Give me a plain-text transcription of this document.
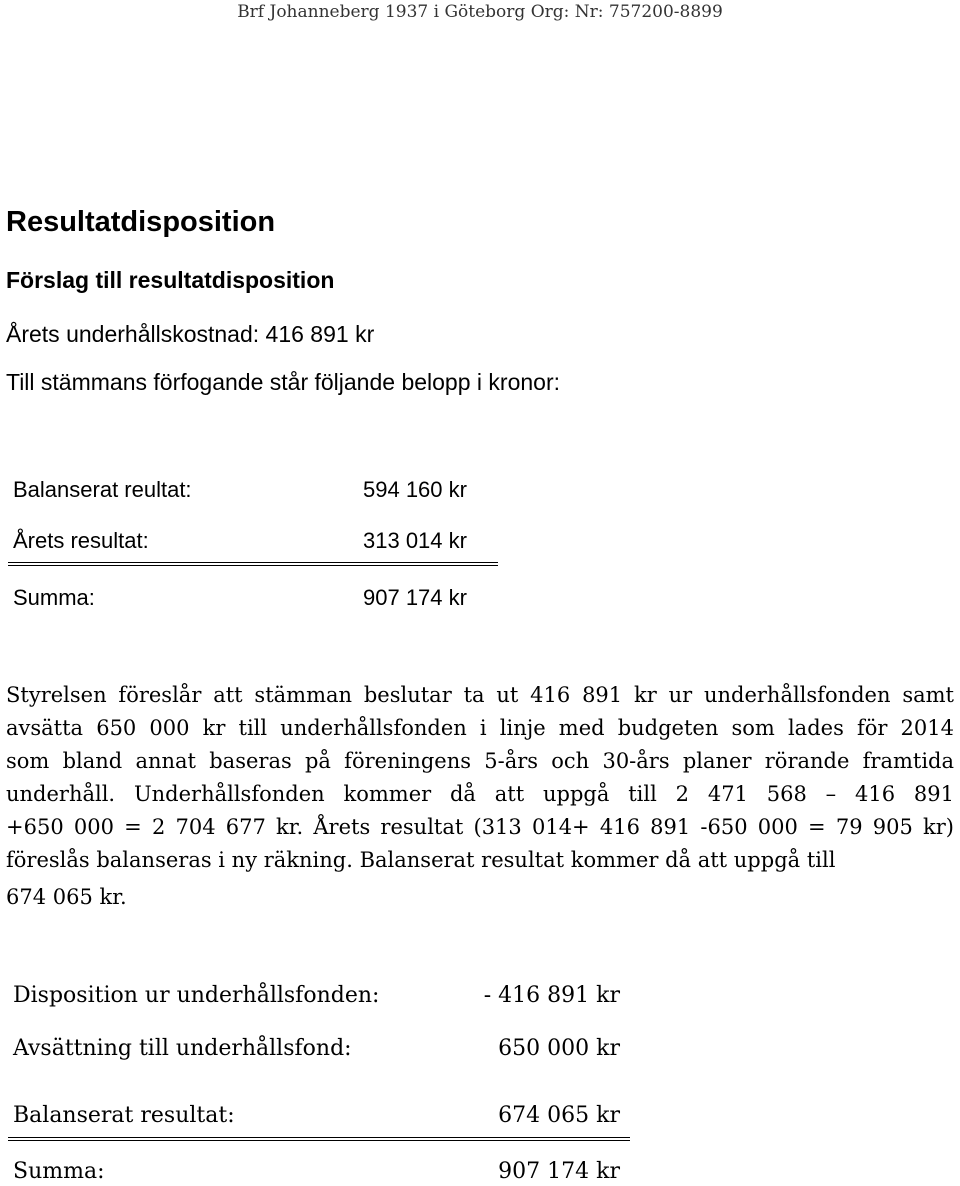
Brf Johanneberg 1937 i Göteborg Org: Nr: 757200-8899
Resultatdisposition
Förslag till resultatdisposition
Årets underhållskostnad: 416 891 kr
Till stämmans förfogande står följande belopp i kronor:
Balanserat reultat:	594 160 kr
Årets resultat:	313 014 kr
Summa:	907 174 kr
Styrelsen föreslår att stämman beslutar ta ut 416 891 kr ur underhållsfonden samt
avsätta 650 000 kr till underhållsfonden i linje med budgeten som lades för 2014
som bland annat baseras på föreningens 5-års och 30-års planer rörande framtida
underhåll. Underhållsfonden kommer då att uppgå till 2 471 568 – 416 891
+650 000 = 2 704 677 kr. Årets resultat (313 014+ 416 891 -650 000 = 79 905 kr)
föreslås balanseras i ny räkning. Balanserat resultat kommer då att uppgå till
674 065 kr.
Disposition ur underhållsfonden:	- 416 891 kr
Avsättning till underhållsfond:	650 000 kr
Balanserat resultat:	674 065 kr
Summa:	907 174 kr
